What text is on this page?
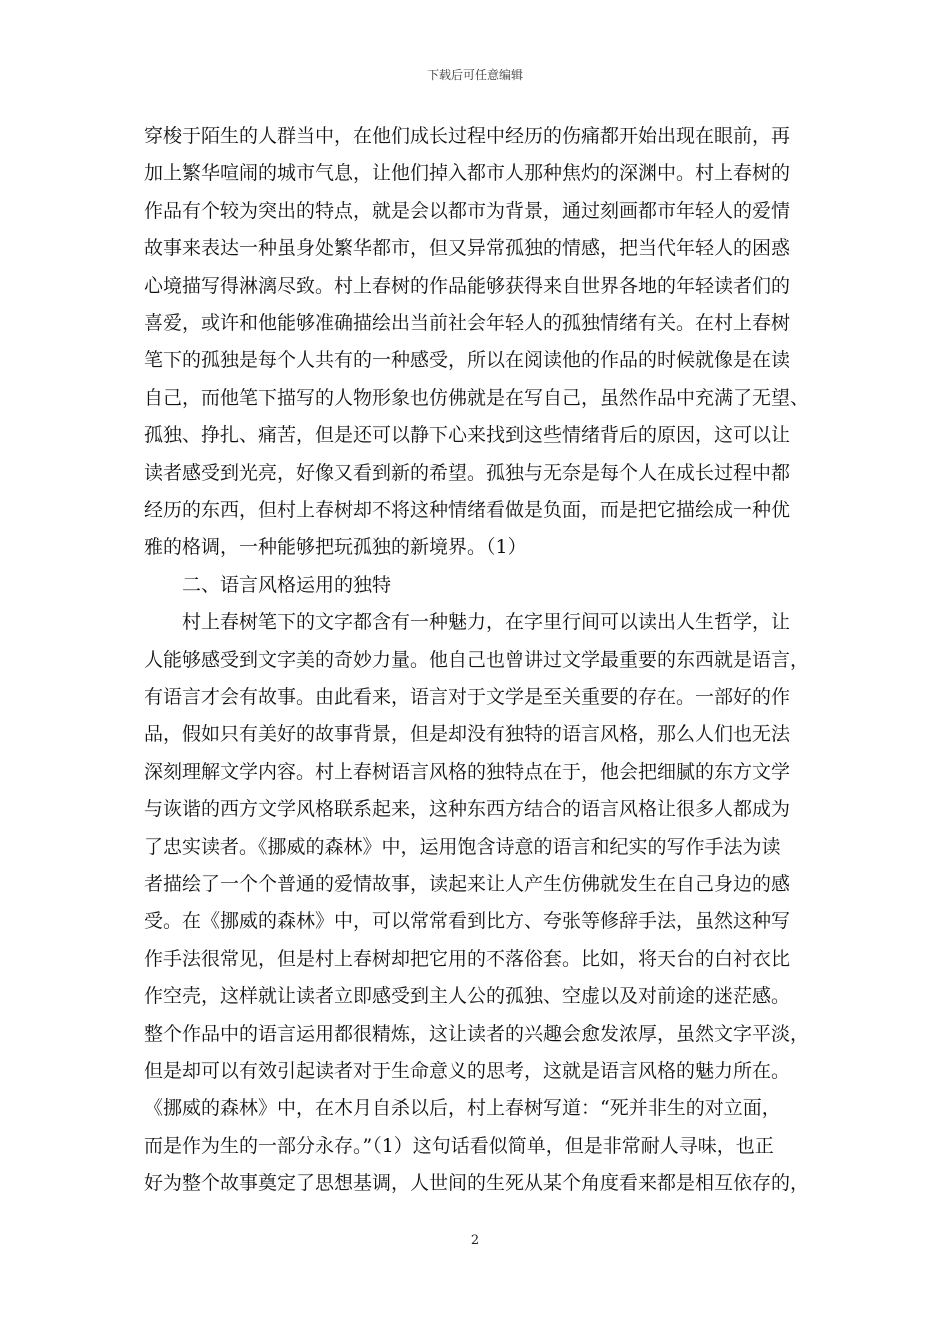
下载后可任意编辑
穿梭于陌生的人群当中，在他们成长过程中经历的伤痛都开始出现在眼前，再
加上繁华喧闹的城市气息，让他们掉入都市人那种焦灼的深渊中。村上春树的
作品有个较为突出的特点，就是会以都市为背景，通过刻画都市年轻人的爱情
故事来表达一种虽身处繁华都市，但又异常孤独的情感，把当代年轻人的困惑
心境描写得淋漓尽致。村上春树的作品能够获得来自世界各地的年轻读者们的
喜爱，或许和他能够准确描绘出当前社会年轻人的孤独情绪有关。在村上春树
笔下的孤独是每个人共有的一种感受，所以在阅读他的作品的时候就像是在读
自己，而他笔下描写的人物形象也仿佛就是在写自己，虽然作品中充满了无望、
孤独、挣扎、痛苦，但是还可以静下心来找到这些情绪背后的原因，这可以让
读者感受到光亮，好像又看到新的希望。孤独与无奈是每个人在成长过程中都
经历的东西，但村上春树却不将这种情绪看做是负面，而是把它描绘成一种优
雅的格调，一种能够把玩孤独的新境界。（1）
二、语言风格运用的独特
村上春树笔下的文字都含有一种魅力，在字里行间可以读出人生哲学，让
人能够感受到文字美的奇妙力量。他自己也曾讲过文学最重要的东西就是语言，
有语言才会有故事。由此看来，语言对于文学是至关重要的存在。一部好的作
品，假如只有美好的故事背景，但是却没有独特的语言风格，那么人们也无法
深刻理解文学内容。村上春树语言风格的独特点在于，他会把细腻的东方文学
与诙谐的西方文学风格联系起来，这种东西方结合的语言风格让很多人都成为
了忠实读者。《挪威的森林》中，运用饱含诗意的语言和纪实的写作手法为读
者描绘了一个个普通的爱情故事，读起来让人产生仿佛就发生在自己身边的感
受。在《挪威的森林》中，可以常常看到比方、夸张等修辞手法，虽然这种写
作手法很常见，但是村上春树却把它用的不落俗套。比如，将天台的白衬衣比
作空壳，这样就让读者立即感受到主人公的孤独、空虚以及对前途的迷茫感。
整个作品中的语言运用都很精炼，这让读者的兴趣会愈发浓厚，虽然文字平淡，
但是却可以有效引起读者对于生命意义的思考，这就是语言风格的魅力所在。
《挪威的森林》中，在木月自杀以后，村上春树写道：“死并非生的对立面，
而是作为生的一部分永存。”（1）这句话看似简单，但是非常耐人寻味，也正
好为整个故事奠定了思想基调，人世间的生死从某个角度看来都是相互依存的，
2
